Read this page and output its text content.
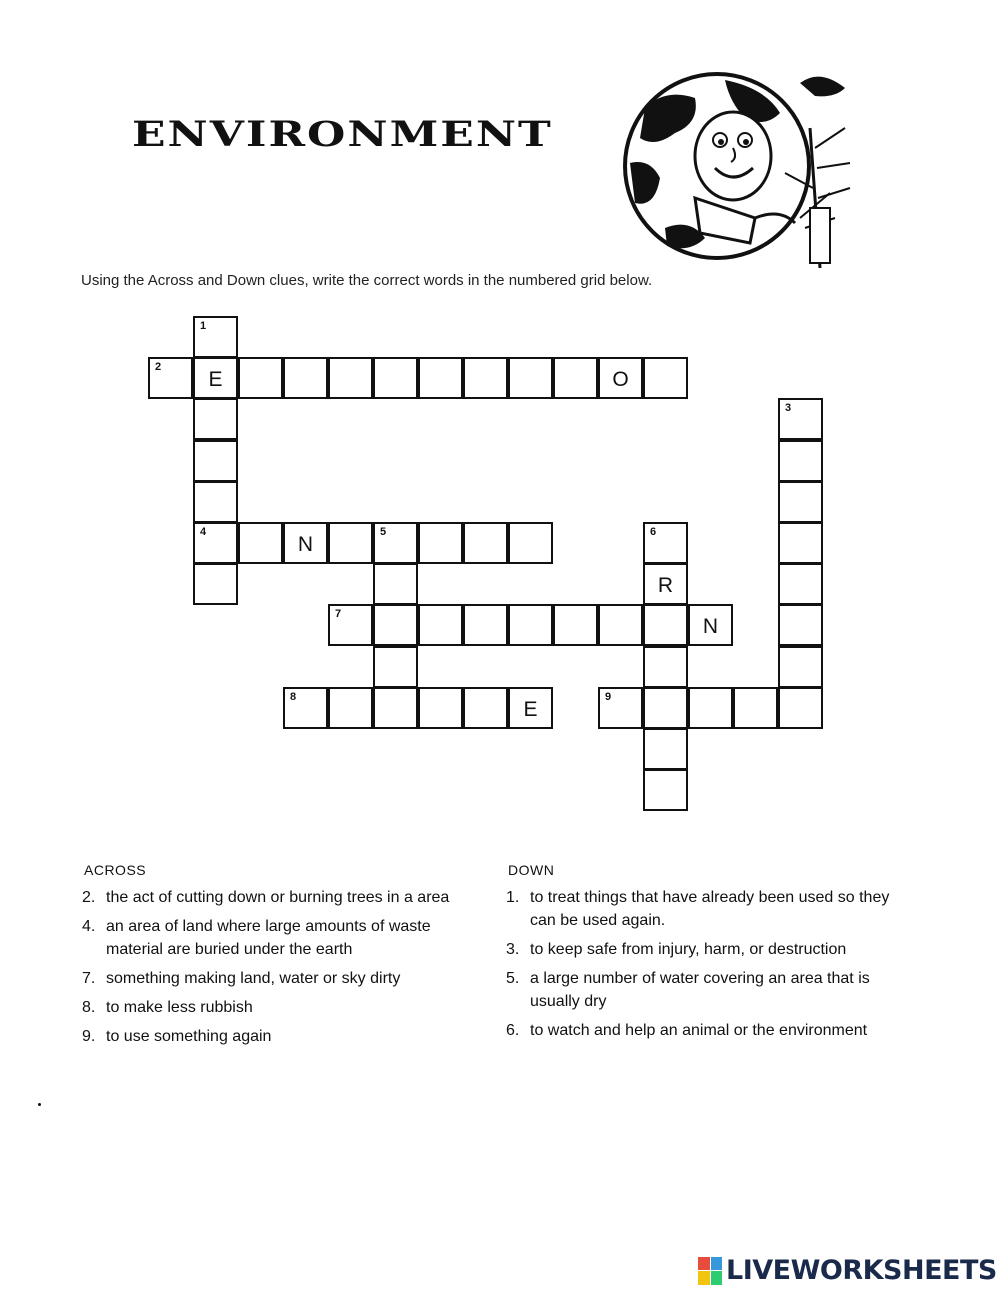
ENVIRONMENT
Using the Across and Down clues, write the correct words in the numbered grid below.
1
2
E	O
3
4
N
5	6
R
7
N
8
E
9
ACROSS
2. the act of cutting down or burning trees in a area
4. an area of land where large amounts of waste material are buried under the earth
7. something making land, water or sky dirty
8. to make less rubbish
9. to use something again
DOWN
1. to treat things that have already been used so they can be used again.
3. to keep safe from injury, harm, or destruction
5. a large number of water covering an area that is usually dry
6. to watch and help an animal or the environment
LIVEWORKSHEETS
